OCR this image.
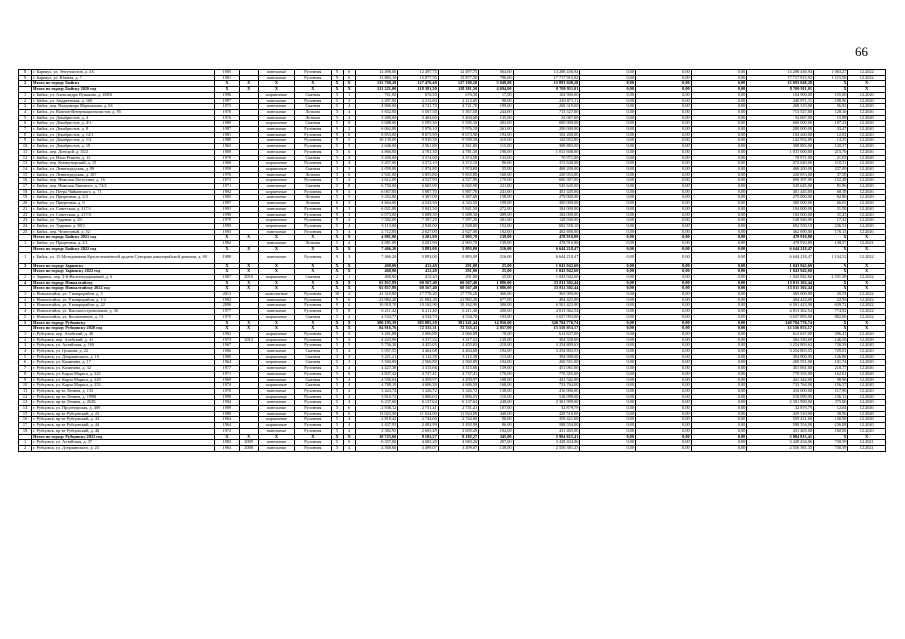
66
8	г. Барнаул, ул. Энтузиастов, д. 3А	1985		панельные	Рулонная	9	6	12 498,00	12 497,75	12 497,75	564,00	13 288 436,94	0,00	0,00	0,00	13 288 436,94	1 063,27	12.2022
9	г. Барнаул, ул. Южная, д. 7	1981		панельные	Рулонная	9	6	15 883,10	15 877,50	15 877,50	796,00	17 717 915,92	0,00	0,00	0,00	17 717 915,92	1 115,58	12.2022
2	Итого по городу Бийску	X	X	X	X	X	X	132 768,20	127 476,40	127 100,20	5 048,00	15 893 048,28	0,00	0,00	0,00	15 893 048,28	X	X
	Итого по городу Бийску 2020 год	X	X	X	X	X	X	121 221,00	118 381,50	118 381,50	4 694,00	8 769 911,01	0,00	0,00	0,00	8 769 911,01	X	X
1	г. Бийск, ул. Александра Пушкина, д. 188/6	1996		кирпичные	Скатная	5	1	761,00	676,50	676,50	17,00	104 900,00	0,00	0,00	0,00	104 900,00	155,06	12.2020
2	г. Бийск, ул. Андреевская, д. 160	1997		панельные	Рулонная	5	3	2 297,00	2 213,60	2 212,60	98,00	240 871,11	0,00	0,00	0,00	240 871,11	108,86	12.2020
3	г. Бийск, пер. Владимира Мартьянова, д. 63	1973		панельные	Скатная	5	4	4 806,00	4 721,70	4 721,70	199,00	268 319,00	0,00	0,00	0,00	268 319,00	56,83	12.2020
4	г. Бийск, ул. Воинов-Интернационалистов, д. 85	1976		панельные	Лоткова	5	4	5 652,00	5 567,50	5 367,50	244,00	713 527,00	0,00	0,00	0,00	713 527,00	128,16	12.2020
5	г. Бийск, ул. Декабристов, д. 4	1976		панельные	Лоткова	5	4	3 489,00	3 404,60	3 404,60	135,00	54 067,00	0,00	0,00	0,00	54 067,00	15,88	12.2020
6	г. Бийск, ул. Декабристов, д. 4/1	1980		кирпичные	Скатная	5	8	5 688,00	5 595,30	5 595,30	203,00	600 000,00	0,00	0,00	0,00	600 000,00	107,23	12.2020
7	г. Бийск, ул. Декабристов, д. 8	1987		панельные	Рулонная	9	2	6 062,00	5 976,10	5 976,10	261,00	200 000,00	0,00	0,00	0,00	200 000,00	33,47	12.2020
8	г. Бийск, ул. Декабристов, д. 12/1	1981		панельные	Рулонная	9	6	8 853,00	8 673,90	8 673,90	194,00	104 260,00	0,00	0,00	0,00	104 260,00	12,02	12.2020
9	г. Бийск, ул. Декабристов, д. 1/2	1988		панельные	Рулонная	9	5	10 139,00	9 939,30	9 939,30	410,00	142 952,80	0,00	0,00	0,00	142 952,80	14,35	12.2020
10	г. Бийск, ул. Декабристов, д. 19	1963		панельные	Рулонная	5	3	2 646,00	2 561,80	2 561,80	115,00	308 883,00	0,00	0,00	0,00	308 883,00	120,57	12.2020
11	г. Бийск, пер. Донской, д. 35/2	1969		панельные	Рулонная	5	6	4 866,00	4 781,30	4 781,30	190,00	1 031 600,00	0,00	0,00	0,00	1 031 600,00	215,76	12.2020
12	г. Бийск, ул. Ильи Репина, д. 12	1979		панельные	Скатная	5	4	3 459,00	3 374,00	3 374,00	133,00	70 971,00	0,00	0,00	0,00	70 971,00	21,03	12.2020
13	г. Бийск, пер. Коммунарский, д. 15	1968		кирпичные	Рулонная	5	4	3 457,00	3 372,10	3 372,10	96,00	372 640,00	0,00	0,00	0,00	372 640,00	110,51	12.2020
14	г. Бийск, ул. Ленинградская, д. 89	1959		кирпичные	Скатная	3	3	2 059,00	1 974,80	1 974,80	55,00	468 200,00	0,00	0,00	0,00	468 200,00	237,09	12.2020
15	г. Бийск, ул. Ленинградская, д. 107	1976		панельные	Лоткова	5	6	5 941,00	5 855,80	5 855,80	160,00	220 053,00	0,00	0,00	0,00	220 053,00	37,58	12.2020
16	г. Бийск, пер. Николая Ластухина, д. 16	1973		кирпичные	Рулонная	5	4	4 612,00	4 527,90	4 527,90	170,00	690 397,00	0,00	0,00	0,00	690 397,00	152,48	12.2020
17	г. Бийск, пер. Николая Липового, д. 74/2	1971		панельные	Скатная	5	8	6 750,00	6 665,90	6 665,90	221,00	545 645,00	0,00	0,00	0,00	545 645,00	81,86	12.2020
18	г. Бийск, ул. Петра Чайковского, д. 71	1992		кирпичные	Рулонная	9	3	6 067,00	5 887,70	5 887,70	241,00	401 445,00	0,00	0,00	0,00	401 445,00	68,18	12.2020
19	г. Бийск, ул. Приречная, д. 2/2	1983		панельные	Лоткова	5	5	3 452,00	3 367,00	3 367,00	158,00	279 000,00	0,00	0,00	0,00	279 000,00	82,86	12.2020
20	г. Бийск, ул. Приречная, д. 9	1997		панельные	Лоткова	6	3	4 664,00	4 543,50	4 543,50	199,00	300 000,00	0,00	0,00	0,00	300 000,00	66,03	12.2020
21	г. Бийск, ул. Советская, д. 217/1	1991		панельные	Рулонная	9	3	6 021,00	5 841,50	5 841,50	272,00	184 000,00	0,00	0,00	0,00	184 000,00	31,50	12.2020
22	г. Бийск, ул. Советская, д. 217/2	1990		панельные	Рулонная	9	3	6 073,00	5 888,30	5 888,30	289,00	184 000,00	0,00	0,00	0,00	184 000,00	31,25	12.2020
23	г. Бийск, ул. Ударная, д. 29	1979		кирпичные	Рулонная	9	4	7 582,00	7 397,20	7 397,20	281,00	128 940,00	0,00	0,00	0,00	128 940,00	17,43	12.2020
24	г. Бийск, ул. Ударная, д. 88/1	1999		кирпичные	Рулонная	5	4	3 113,00	2 928,00	2 928,00	152,00	692 550,10	0,00	0,00	0,00	692 550,10	236,53	12.2020
25	г. Бийск, пер. Челночный, д. 52	1993		панельные	Рулонная	5	4	2 712,00	2 627,00	2 627,00	102,00	462 690,00	0,00	0,00	0,00	462 690,00	176,13	12.2020
	Итого по городу Бийску 2021 год	X	X	X	X	X	X	4 081,00	3 201,90	2 905,70	139,00	478 910,80	0,00	0,00	0,00	478 910,80	X	X
1	г. Бийск, ул. Приречная, д. 2/1	1982		панельные	Лоткова	5	4	4 081,00	3 201,90	2 905,70	139,00	478 910,80	0,00	0,00	0,00	478 910,80	149,57	12.2021
	Итого по городу Бийску 2022 год	X	X	X	X	X	X	7 466,20	5 893,00	5 893,00	216,00	6 644 218,47	0,00	0,00	0,00	6 644 218,47	X	X
1	г. Бийск, ул. 15 Мотодивизии Краснознамённой ордена Суворова кавалерийской дивизии, д. 69	1988		панельные	Рулонная	9	3	7 466,20	5 893,00	5 893,00	216,00	6 644 218,47	0,00	0,00	0,00	6 644 218,47	1 134,52	12.2022
3	Итого по городу Заринску	X	X	X	X	X	X	460,00	412,40	291,00	25,00	1 043 942,60	0,00	0,00	0,00	1 043 942,60	X	X
	Итого по городу Заринску 2022 год	X	X	X	X	X	X	460,00	412,40	291,00	25,00	1 043 942,60	0,00	0,00	0,00	1 043 942,60	X	X
1	г. Заринск, пер. 3-й Железнодорожный, д. 6	1967	2010	кирпичные	Скатная	2	1	460,00	412,40	291,00	25,00	1 043 942,60	0,00	0,00	0,00	1 043 942,60	2 531,38	12.2022
4	Итого по городу Новоалтайску	X	X	X	X	X	X	65 857,89	60 567,40	60 567,40	1 886,00	15 811 302,44	0,00	0,00	0,00	15 811 302,44	X	X
	Итого по городу Новоалтайску 2022 год	X	X	X	X	X	X	65 857,89	60 567,40	60 567,40	1 886,00	15 811 302,44	0,00	0,00	0,00	15 811 302,44	X	X
1	г. Новоалтайск, ул. 7 микрорайон, д. 5	2013		монолитные	Рулонная	10	2	22 310,80	17 776,20	17 776,20	366,00	365 000,00	0,00	0,00	0,00	365 000,00	20,53	12.2022
2	г. Новоалтайск, ул. 8 микрорайон, д. 1/2	1992		панельные	Рулонная	9	6	21 882,20	21 882,20	21 882,20	677,00	494 423,00	0,00	0,00	0,00	494 423,00	22,59	12.2022
3	г. Новоалтайск, ул. 8 микрорайон, д. 22	2006		панельные	Рулонная	9	4	10 918,70	10 162,90	10 162,90	300,00	6 501 423,90	0,00	0,00	0,00	6 501 423,90	639,72	12.2022
4	г. Новоалтайск, ул. Высокоостровольная, д. 36	1977		панельные	Рулонная	5	8	6 211,42	6 211,40	6 211,40	200,00	4 813 362,54	0,00	0,00	0,00	4 813 362,54	774,92	12.2022
5	г. Новоалтайск, ул. Космонавтов, д. 13	1975		кирпичные	Скатная	5	4	4 534,77	4 534,70	4 534,70	193,00	3 637 093,00	0,00	0,00	0,00	3 637 093,00	802,06	12.2022
5	Итого по городу Рубцовску	X	X	X	X	X	X	500 195,39	385 805,39	381 341,44	14 956,00	340 784 776,74	0,00	0,00	0,00	340 784 776,74	X	X
	Итого по городу Рубцовску 2020 год	X	X	X	X	X	X	84 916,76	72 335,31	72 335,31	2 857,00	15 556 053,17	0,00	0,00	0,00	15 556 053,17	X	X
1	г. Рубцовск, пер. Алейский, д. 40	1992		кирпичные	Рулонная	5	5	3 201,88	2 066,88	2 066,88	78,00	612 637,00	0,00	0,00	0,00	612 637,00	296,41	12.2020
2	г. Рубцовск, пер. Алейский, д. 41	1973	2012	кирпичные	Рулонная	5	4	4 423,90	3 317,52	3 317,52	139,00	304 330,60	0,00	0,00	0,00	304 330,60	146,50	12.2020
3	г. Рубцовск, ул. Алтайская, д. 169	1967		панельные	Рулонная	5	5	5 756,30	4 455,05	4 455,05	210,00	3 254 809,63	0,00	0,00	0,00	3 254 809,63	730,59	12.2020
4	г. Рубцовск, ул. Громова, д. 22	1966		панельные	Скатная	5	4	5 957,55	4 464,68	4 464,68	194,00	3 254 803,55	0,00	0,00	0,00	3 254 803,55	729,01	12.2020
5	г. Рубцовск, ул. Дзержинского, д. 10	1960		кирпичные	Скатная	3	3	3 221,21	3 112,38	3 112,38	113,00	394 900,00	0,00	0,00	0,00	394 900,00	126,88	12.2020
6	г. Рубцовск, ул. Калинина, д. 17	1964		кирпичные	Скатная	5	3	3 560,89	2 560,89	2 560,89	104,00	260 551,00	0,00	0,00	0,00	260 551,00	101,74	12.2020
7	г. Рубцовск, ул. Калинина, д. 32	1977		панельные	Рулонная	5	4	4 427,38	3 315,66	3 315,66	159,00	451 061,00	0,00	0,00	0,00	451 061,00	210,77	12.2020
8	г. Рубцовск, ул. Карла Маркса, д. 225	1971		панельные	Рулонная	5	6	4 837,42	4 737,41	4 737,41	178,00	770 355,00	0,00	0,00	0,00	770 355,00	162,61	12.2020
9	г. Рубцовск, ул. Карла Маркса, д. 229	1969		панельные	Скатная	5	4	4 556,04	4 459,97	4 459,97	188,00	441 342,00	0,00	0,00	0,00	441 342,00	98,96	12.2020
10	г. Рубцовск, ул. Карла Маркса, д. 233	1974		кирпичные	Скатная	5	4	4 788,19	4 686,59	4 686,59	168,00	733 764,00	0,00	0,00	0,00	733 764,00	156,57	12.2020
11	г. Рубцовск, пр-кт Ленина, д. 133	1970		панельные	Рулонная	5	4	3 424,74	3 326,72	3 326,72	138,00	416 000,00	0,00	0,00	0,00	416 000,00	117,96	12.2020
12	г. Рубцовск, пр-кт Ленина, д. 199В	1998		кирпичные	Рулонная	5	4	3 910,72	3 806,03	3 806,03	110,00	518 099,00	0,00	0,00	0,00	518 099,00	136,13	12.2020
13	г. Рубцовск, пр-кт Ленина, д. 263Б	1994		панельные	Рулонная	5	4	6 237,60	6 137,64	6 137,64	248,00	2 301 990,00	0,00	0,00	0,00	2 301 990,00	375,06	12.2020
14	г. Рубцовск, ул. Пролетарская, д. 409	1989		панельные	Рулонная	5	6	2 948,12	2 731,41	2 731,41	107,00	32 879,79	0,00	0,00	0,00	32 879,79	12,04	12.2020
15	г. Рубцовск, пр-кт Рубцовский, д. 23	1988		панельные	Рулонная	9	6	13 023,50	11 024,00	11 024,00	440,00	429 510,00	0,00	0,00	0,00	429 510,00	38,96	12.2020
16	г. Рубцовск, пр-кт Рубцовский, д. 34	1964		кирпичные	Рулонная	5	4	2 818,42	2 744,00	2 744,00	96,00	359 421,60	0,00	0,00	0,00	359 421,60	130,98	12.2020
17	г. Рубцовск, пр-кт Рубцовский, д. 44	1964		кирпичные	Рулонная	5	4	2 437,95	2 492,99	2 492,99	86,00	588 554,00	0,00	0,00	0,00	588 554,00	236,08	12.2020
18	г. Рубцовск, пр-кт Рубцовский, д. 46	1972		панельные	Рулонная	5	4	3 382,95	2 695,49	2 695,49	104,00	431 465,00	0,00	0,00	0,00	431 465,00	160,06	12.2020
	Итого по городу Рубцовску 2021 год	X	X	X	X	X	X	10 725,60	8 182,27	8 182,27	345,00	5 984 815,41	0,00	0,00	0,00	5 984 815,41	X	X
1	г. Рубцовск, ул. Алтайская, д. 37	1983	2009	панельные	Рулонная	5	6	6 357,00	4 683,20	4 683,20	207,00	3 428 434,06	0,00	0,00	0,00	3 428 434,06	730,59	12.2021
2	г. Рубцовск, ул. Дзержинского, д. 23	1964	2008	панельные	Рулонная	5	4	4 368,60	3 499,07	3 499,07	138,00	2 556 381,35	0,00	0,00	0,00	2 556 381,35	730,59	12.2021
